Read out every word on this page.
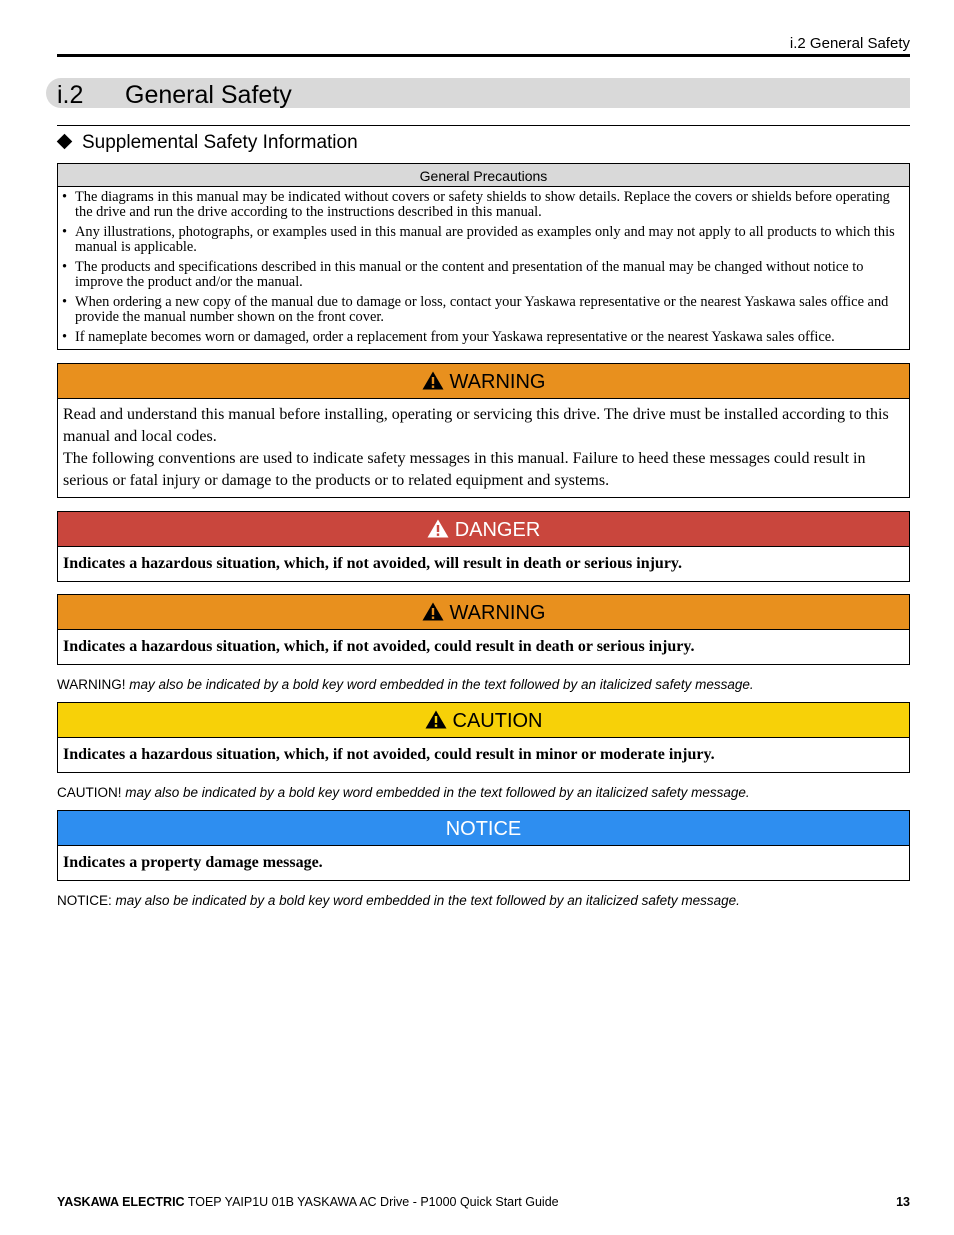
i.2 General Safety
i.2 General Safety
Supplemental Safety Information
General Precautions
• The diagrams in this manual may be indicated without covers or safety shields to show details. Replace the covers or shields before operating the drive and run the drive according to the instructions described in this manual.
• Any illustrations, photographs, or examples used in this manual are provided as examples only and may not apply to all products to which this manual is applicable.
• The products and specifications described in this manual or the content and presentation of the manual may be changed without notice to improve the product and/or the manual.
• When ordering a new copy of the manual due to damage or loss, contact your Yaskawa representative or the nearest Yaskawa sales office and provide the manual number shown on the front cover.
• If nameplate becomes worn or damaged, order a replacement from your Yaskawa representative or the nearest Yaskawa sales office.
WARNING

Read and understand this manual before installing, operating or servicing this drive. The drive must be installed according to this manual and local codes.

The following conventions are used to indicate safety messages in this manual. Failure to heed these messages could result in serious or fatal injury or damage to the products or to related equipment and systems.

DANGER
Indicates a hazardous situation, which, if not avoided, will result in death or serious injury.
WARNING
Indicates a hazardous situation, which, if not avoided, could result in death or serious injury.
WARNING! may also be indicated by a bold key word embedded in the text followed by an italicized safety message.
CAUTION
Indicates a hazardous situation, which, if not avoided, could result in minor or moderate injury.
CAUTION! may also be indicated by a bold key word embedded in the text followed by an italicized safety message.
NOTICE
Indicates a property damage message.
NOTICE: may also be indicated by a bold key word embedded in the text followed by an italicized safety message.
YASKAWA ELECTRIC TOEP YAIP1U 01B YASKAWA AC Drive - P1000 Quick Start Guide	13
